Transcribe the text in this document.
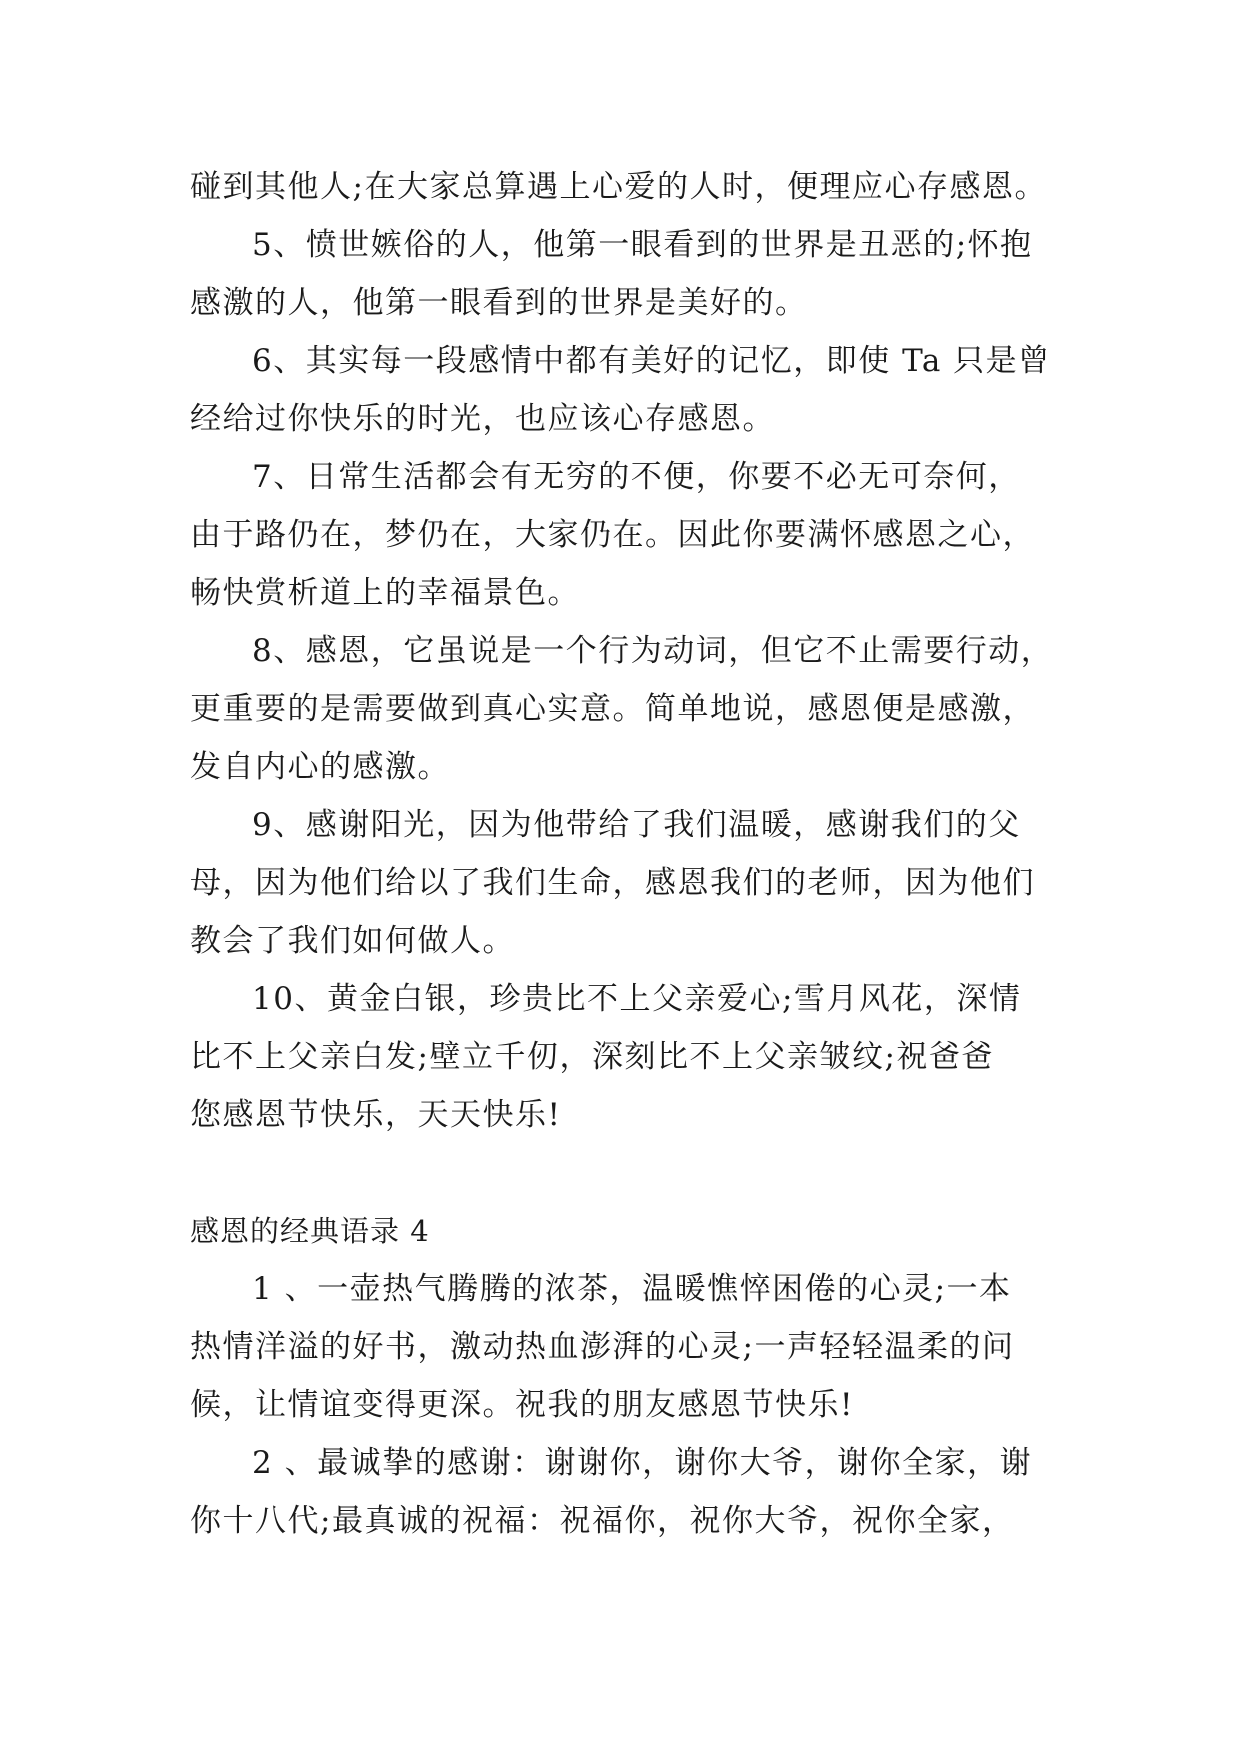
碰到其他人;在大家总算遇上心爱的人时，便理应心存感恩。
5、愤世嫉俗的人，他第一眼看到的世界是丑恶的;怀抱
感激的人，他第一眼看到的世界是美好的。
6、其实每一段感情中都有美好的记忆，即使 Ta 只是曾
经给过你快乐的时光，也应该心存感恩。
7、日常生活都会有无穷的不便，你要不必无可奈何，
由于路仍在，梦仍在，大家仍在。因此你要满怀感恩之心，
畅快赏析道上的幸福景色。
8、感恩，它虽说是一个行为动词，但它不止需要行动，
更重要的是需要做到真心实意。简单地说，感恩便是感激，
发自内心的感激。
9、感谢阳光，因为他带给了我们温暖，感谢我们的父
母，因为他们给以了我们生命，感恩我们的老师，因为他们
教会了我们如何做人。
10、黄金白银，珍贵比不上父亲爱心;雪月风花，深情
比不上父亲白发;壁立千仞，深刻比不上父亲皱纹;祝爸爸
您感恩节快乐，天天快乐!
感恩的经典语录 4
1 、一壶热气腾腾的浓茶，温暖憔悴困倦的心灵;一本
热情洋溢的好书，激动热血澎湃的心灵;一声轻轻温柔的问
候，让情谊变得更深。祝我的朋友感恩节快乐!
2 、最诚挚的感谢：谢谢你，谢你大爷，谢你全家，谢
你十八代;最真诚的祝福：祝福你，祝你大爷，祝你全家，
